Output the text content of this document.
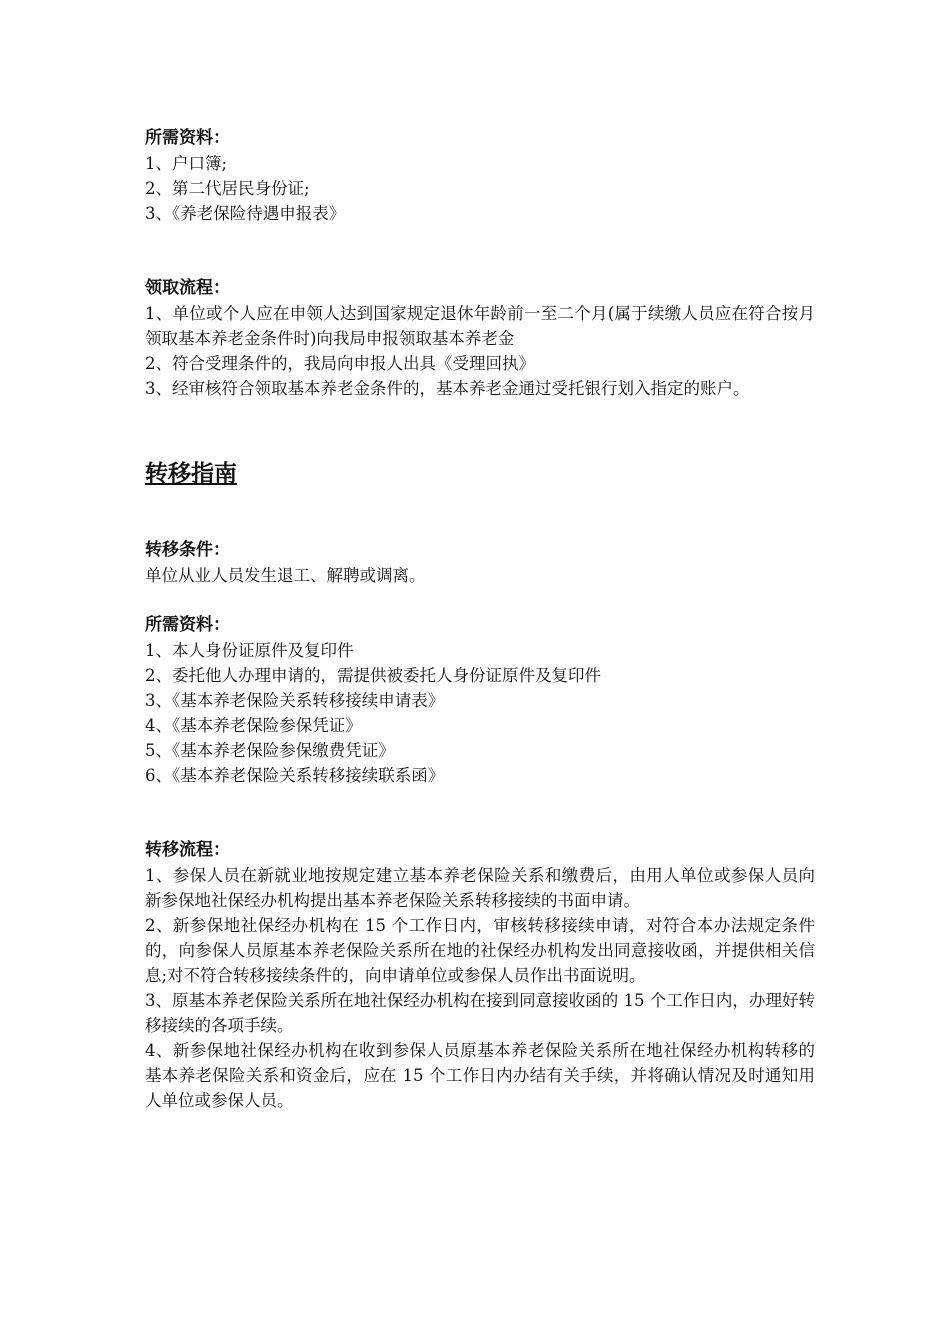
所需资料：

1、户口簿;

2、第二代居民身份证;

3、《养老保险待遇申报表》

领取流程：

1、单位或个人应在申领人达到国家规定退休年龄前一至二个月(属于续缴人员应在符合按月领取基本养老金条件时)向我局申报领取基本养老金

2、符合受理条件的，我局向申报人出具《受理回执》

3、经审核符合领取基本养老金条件的，基本养老金通过受托银行划入指定的账户。

转移指南

转移条件：

单位从业人员发生退工、解聘或调离。

所需资料：

1、本人身份证原件及复印件

2、委托他人办理申请的，需提供被委托人身份证原件及复印件

3、《基本养老保险关系转移接续申请表》

4、《基本养老保险参保凭证》

5、《基本养老保险参保缴费凭证》

6、《基本养老保险关系转移接续联系函》

转移流程：

1、参保人员在新就业地按规定建立基本养老保险关系和缴费后，由用人单位或参保人员向新参保地社保经办机构提出基本养老保险关系转移接续的书面申请。

2、新参保地社保经办机构在 15 个工作日内，审核转移接续申请，对符合本办法规定条件的，向参保人员原基本养老保险关系所在地的社保经办机构发出同意接收函，并提供相关信息;对不符合转移接续条件的，向申请单位或参保人员作出书面说明。

3、原基本养老保险关系所在地社保经办机构在接到同意接收函的 15 个工作日内，办理好转移接续的各项手续。

4、新参保地社保经办机构在收到参保人员原基本养老保险关系所在地社保经办机构转移的基本养老保险关系和资金后，应在 15 个工作日内办结有关手续，并将确认情况及时通知用人单位或参保人员。
